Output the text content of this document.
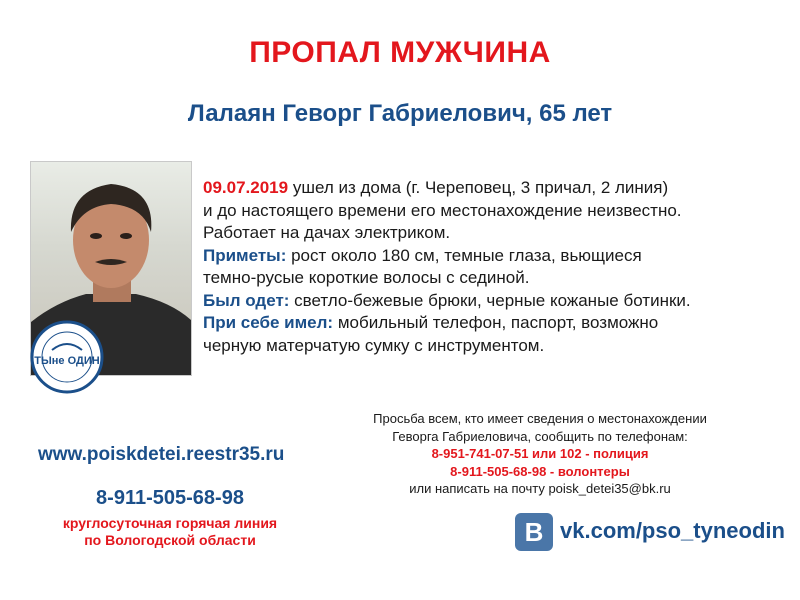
ПРОПАЛ МУЖЧИНА
Лалаян Геворг Габриелович, 65 лет
ТЫне ОДИН
09.07.2019 ушел из дома (г. Череповец, 3 причал, 2 линия)
и до настоящего времени его местонахождение неизвестно.
Работает на дачах электриком.
Приметы: рост около 180 см, темные глаза, вьющиеся
темно-русые короткие волосы с сединой.
Был одет: светло-бежевые брюки, черные кожаные ботинки.
При себе имел: мобильный телефон, паспорт, возможно
черную матерчатую сумку с инструментом.
Просьба всем, кто имеет сведения о местонахождении
Геворга Габриеловича, сообщить по телефонам:
8-951-741-07-51 или 102 - полиция
8-911-505-68-98 - волонтеры
или написать на почту poisk_detei35@bk.ru
www.poiskdetei.reestr35.ru
8-911-505-68-98
круглосуточная горячая линия
по Вологодской области	В vk.com/pso_tyneodin
